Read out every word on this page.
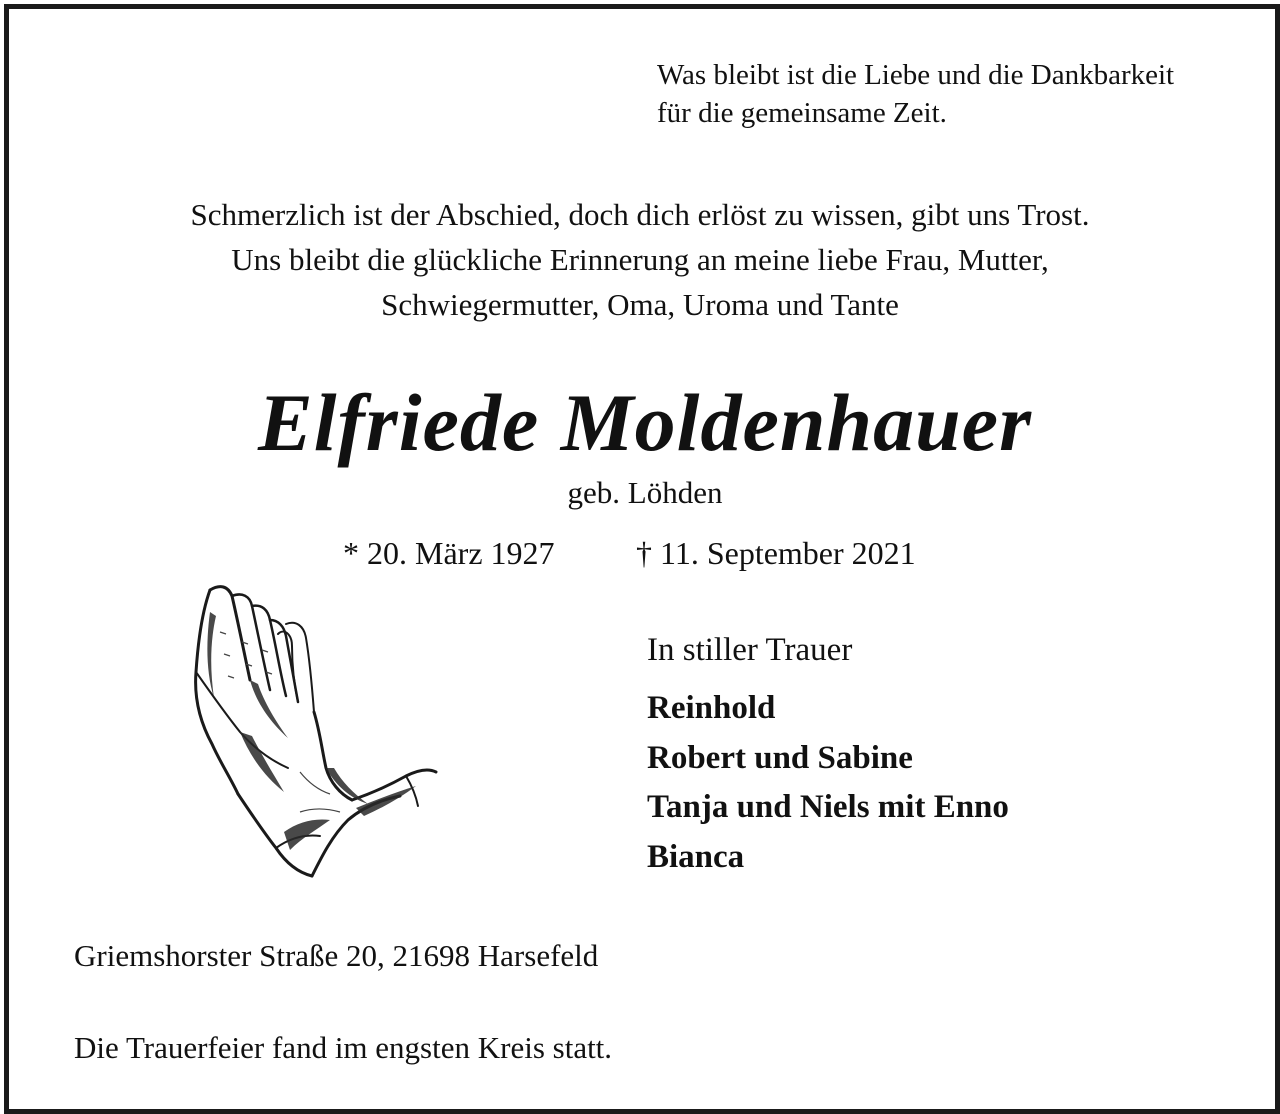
Was bleibt ist die Liebe und die Dankbarkeit
für die gemeinsame Zeit.
Schmerzlich ist der Abschied, doch dich erlöst zu wissen, gibt uns Trost.
Uns bleibt die glückliche Erinnerung an meine liebe Frau, Mutter,
Schwiegermutter, Oma, Uroma und Tante
Elfriede Moldenhauer
geb. Löhden
* 20. März 1927	† 11. September 2021
In stiller Trauer
Reinhold
Robert und Sabine
Tanja und Niels mit Enno
Bianca
Griemshorster Straße 20, 21698 Harsefeld
Die Trauerfeier fand im engsten Kreis statt.
